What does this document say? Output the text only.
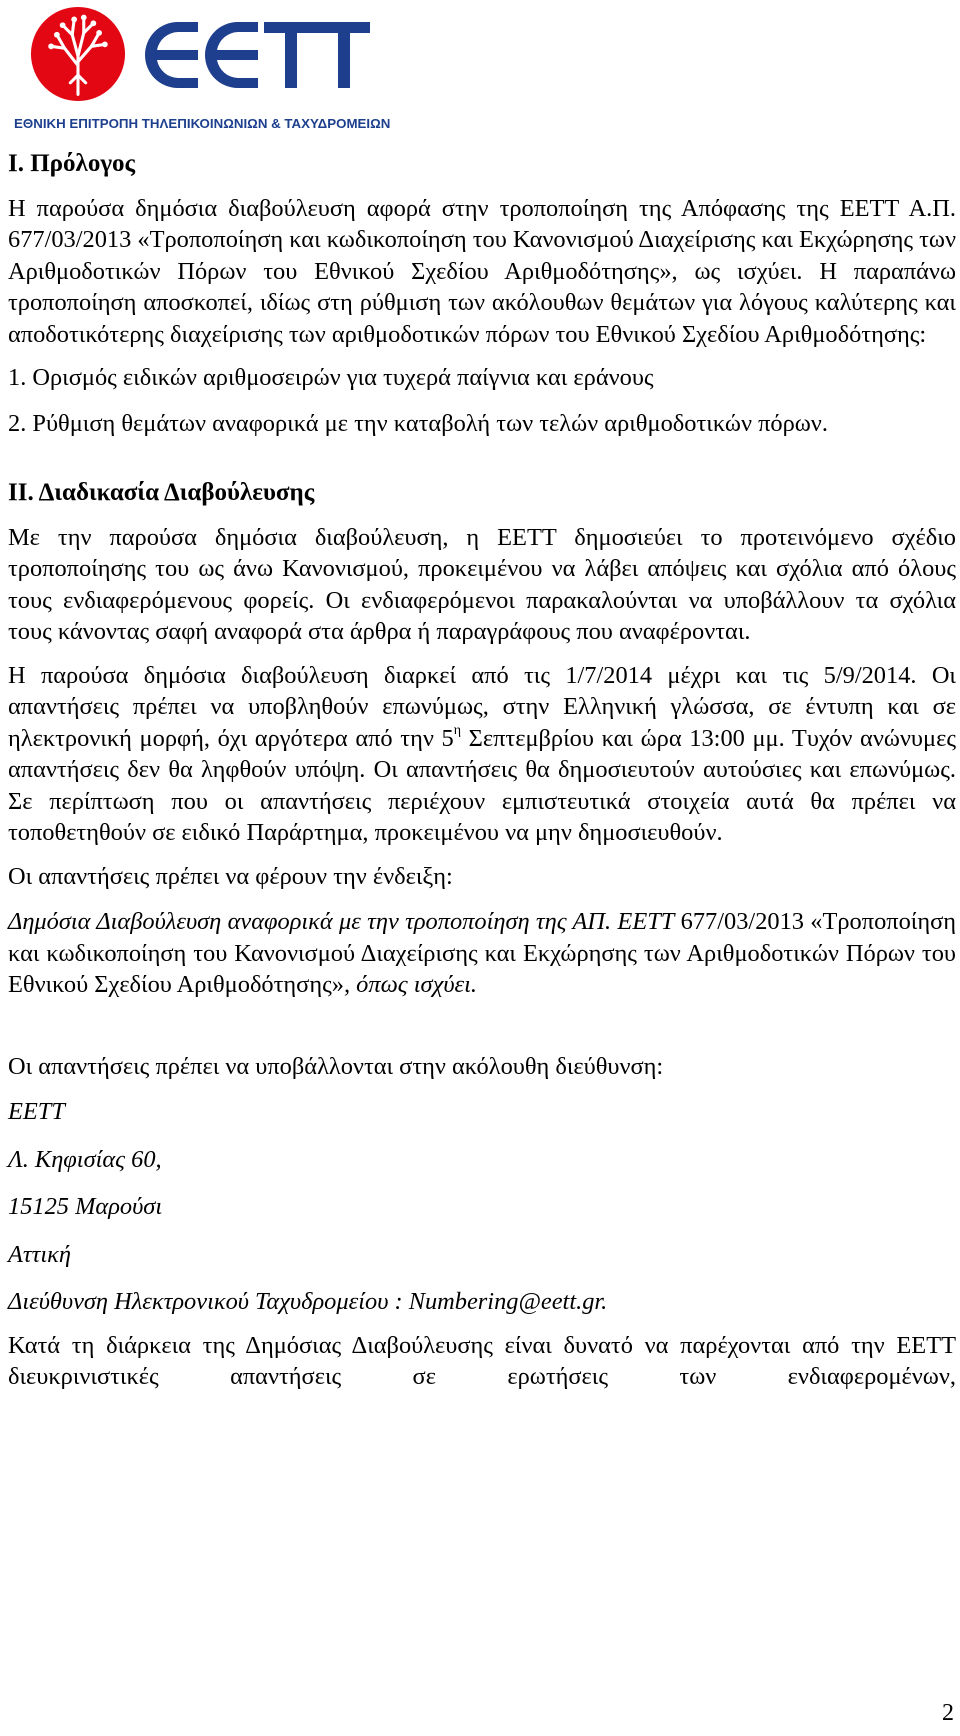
EETT
ΕΘΝΙΚΗ ΕΠΙΤΡΟΠΗ ΤΗΛΕΠΙΚΟΙΝΩΝΙΩΝ & ΤΑΧΥΔΡΟΜΕΙΩΝ
Ι. Πρόλογος

Η παρούσα δημόσια διαβούλευση αφορά στην τροποποίηση της Απόφασης της ΕΕΤΤ Α.Π. 677/03/2013 «Τροποποίηση και κωδικοποίηση του Κανονισμού Διαχείρισης και Εκχώρησης των Αριθμοδοτικών Πόρων του Εθνικού Σχεδίου Αριθμοδότησης», ως ισχύει. Η παραπάνω τροποποίηση αποσκοπεί, ιδίως στη ρύθμιση των ακόλουθων θεμάτων για λόγους καλύτερης και αποδοτικότερης διαχείρισης των αριθμοδοτικών πόρων του Εθνικού Σχεδίου Αριθμοδότησης:

1. Ορισμός ειδικών αριθμοσειρών για τυχερά παίγνια και εράνους

2. Ρύθμιση θεμάτων αναφορικά με την καταβολή των τελών αριθμοδοτικών πόρων.

ΙΙ. Διαδικασία Διαβούλευσης

Με την παρούσα δημόσια διαβούλευση, η ΕΕΤΤ δημοσιεύει το προτεινόμενο σχέδιο τροποποίησης του ως άνω Κανονισμού, προκειμένου να λάβει απόψεις και σχόλια από όλους τους ενδιαφερόμενους φορείς. Οι ενδιαφερόμενοι παρακαλούνται να υποβάλλουν τα σχόλια τους κάνοντας σαφή αναφορά στα άρθρα ή παραγράφους που αναφέρονται.

Η παρούσα δημόσια διαβούλευση διαρκεί από τις 1/7/2014 μέχρι και τις 5/9/2014. Οι απαντήσεις πρέπει να υποβληθούν επωνύμως, στην Ελληνική γλώσσα, σε έντυπη και σε ηλεκτρονική μορφή, όχι αργότερα από την $5^\eta$ Σεπτεμβρίου και ώρα 13:00 μμ. Τυχόν ανώνυμες απαντήσεις δεν θα ληφθούν υπόψη. Οι απαντήσεις θα δημοσιευτούν αυτούσιες και επωνύμως. Σε περίπτωση που οι απαντήσεις περιέχουν εμπιστευτικά στοιχεία αυτά θα πρέπει να τοποθετηθούν σε ειδικό Παράρτημα, προκειμένου να μην δημοσιευθούν.

Οι απαντήσεις πρέπει να φέρουν την ένδειξη:

Δημόσια Διαβούλευση αναφορικά με την τροποποίηση της ΑΠ. ΕΕΤΤ 677/03/2013 «Τροποποίηση και κωδικοποίηση του Κανονισμού Διαχείρισης και Εκχώρησης των Αριθμοδοτικών Πόρων του Εθνικού Σχεδίου Αριθμοδότησης», όπως ισχύει.

Οι απαντήσεις πρέπει να υποβάλλονται στην ακόλουθη διεύθυνση:

ΕΕΤΤ

Λ. Κηφισίας 60,

15125 Μαρούσι

Αττική

Διεύθυνση Ηλεκτρονικού Ταχυδρομείου : Numbering@eett.gr.

Κατά τη διάρκεια της Δημόσιας Διαβούλευσης είναι δυνατό να παρέχονται από την ΕΕΤΤ διευκρινιστικές απαντήσεις σε ερωτήσεις των ενδιαφερομένων,

2
